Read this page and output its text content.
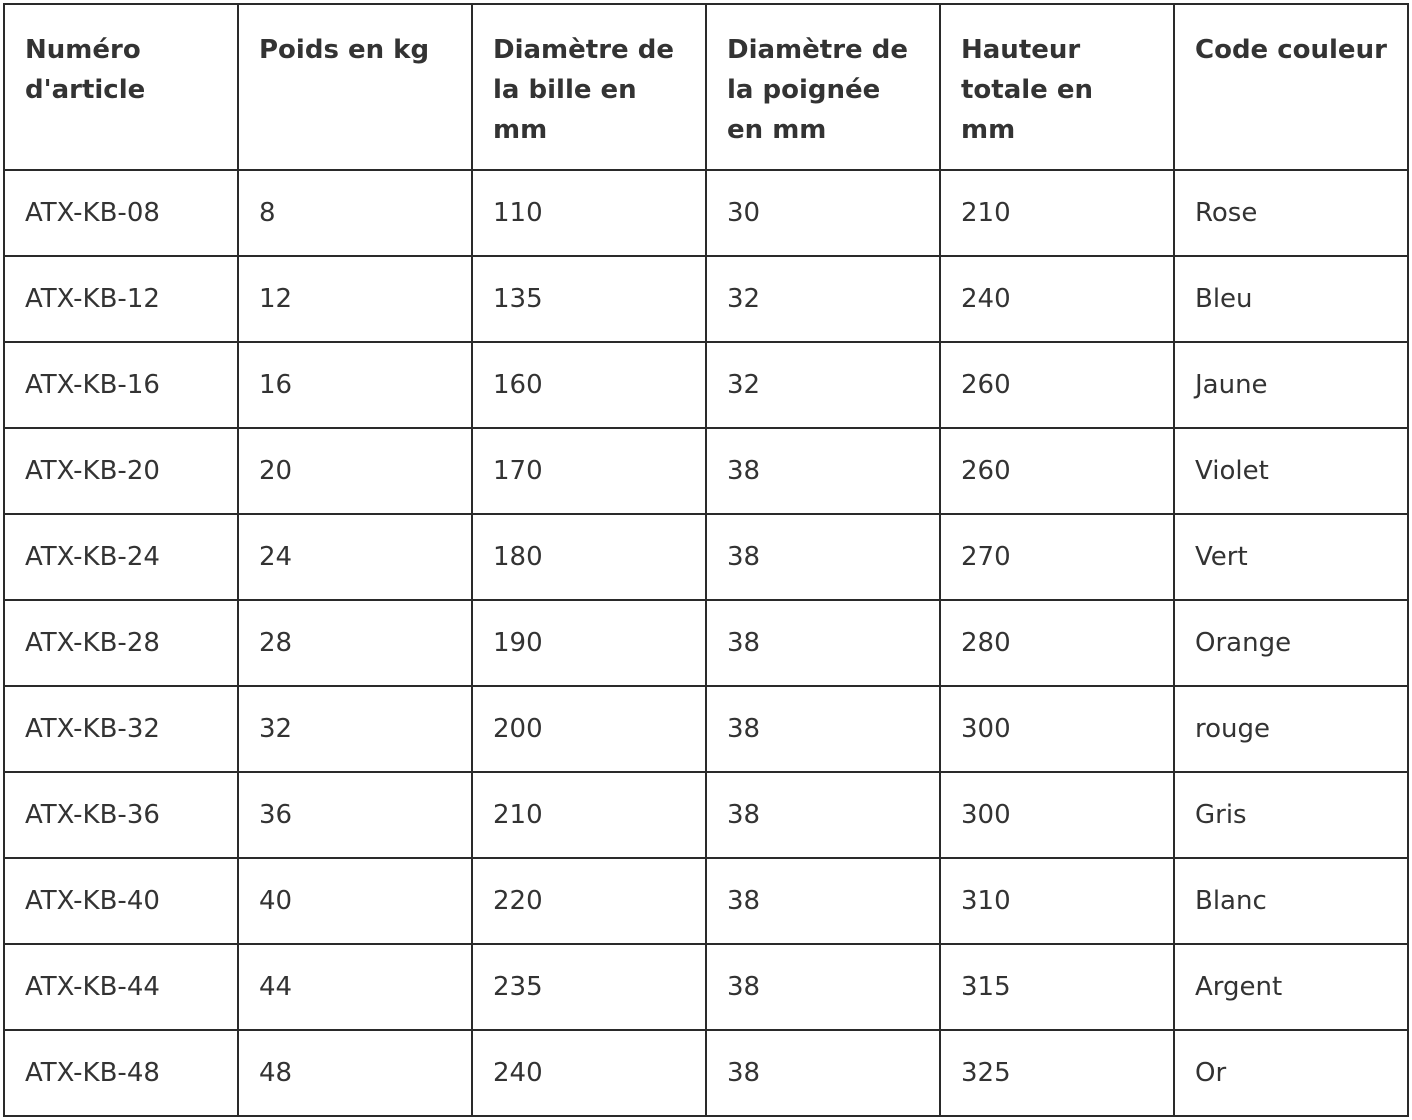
Numéro d'article	Poids en kg	Diamètre de la bille en mm	Diamètre de la poignée en mm	Hauteur totale en mm	Code couleur
ATX-KB-08	8	110	30	210	Rose
ATX-KB-12	12	135	32	240	Bleu
ATX-KB-16	16	160	32	260	Jaune
ATX-KB-20	20	170	38	260	Violet
ATX-KB-24	24	180	38	270	Vert
ATX-KB-28	28	190	38	280	Orange
ATX-KB-32	32	200	38	300	rouge
ATX-KB-36	36	210	38	300	Gris
ATX-KB-40	40	220	38	310	Blanc
ATX-KB-44	44	235	38	315	Argent
ATX-KB-48	48	240	38	325	Or
